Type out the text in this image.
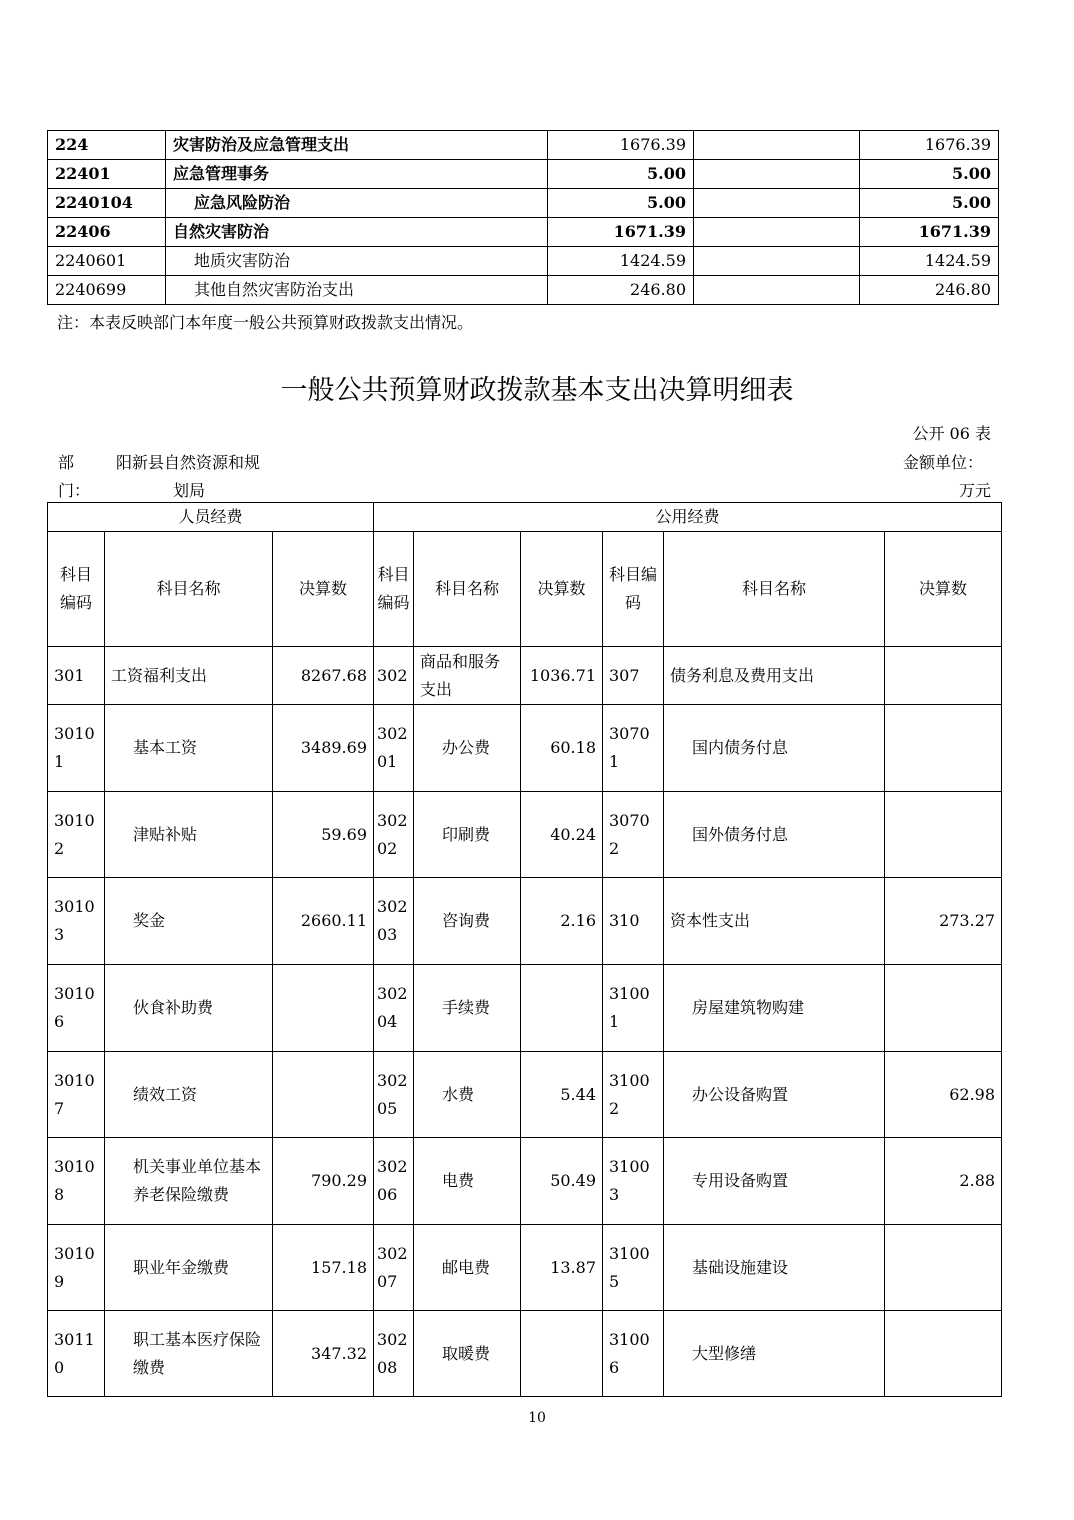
224	灾害防治及应急管理支出	1676.39		1676.39
22401	应急管理事务	5.00		5.00
2240104	应急风险防治	5.00		5.00
22406	自然灾害防治	1671.39		1671.39
2240601	地质灾害防治	1424.59		1424.59
2240699	其他自然灾害防治支出	246.80		246.80
注：本表反映部门本年度一般公共预算财政拨款支出情况。
一般公共预算财政拨款基本支出决算明细表
公开 06 表
部	阳新县自然资源和规	金额单位：
门：	划局	万元
人员经费			公用经费					
科目编码	科目名称	决算数	科目编码	科目名称	决算数	科目编码	科目名称	决算数
301	工资福利支出	8267.68	302	商品和服务支出	1036.71	307	债务利息及费用支出	
30101	基本工资	3489.69	30201	办公费	60.18	30701	国内债务付息	
30102	津贴补贴	59.69	30202	印刷费	40.24	30702	国外债务付息	
30103	奖金	2660.11	30203	咨询费	2.16	310	资本性支出	273.27
30106	伙食补助费		30204	手续费		31001	房屋建筑物购建	
30107	绩效工资		30205	水费	5.44	31002	办公设备购置	62.98
30108	机关事业单位基本养老保险缴费	790.29	30206	电费	50.49	31003	专用设备购置	2.88
30109	职业年金缴费	157.18	30207	邮电费	13.87	31005	基础设施建设	
30110	职工基本医疗保险缴费	347.32	30208	取暖费		31006	大型修缮	
10
